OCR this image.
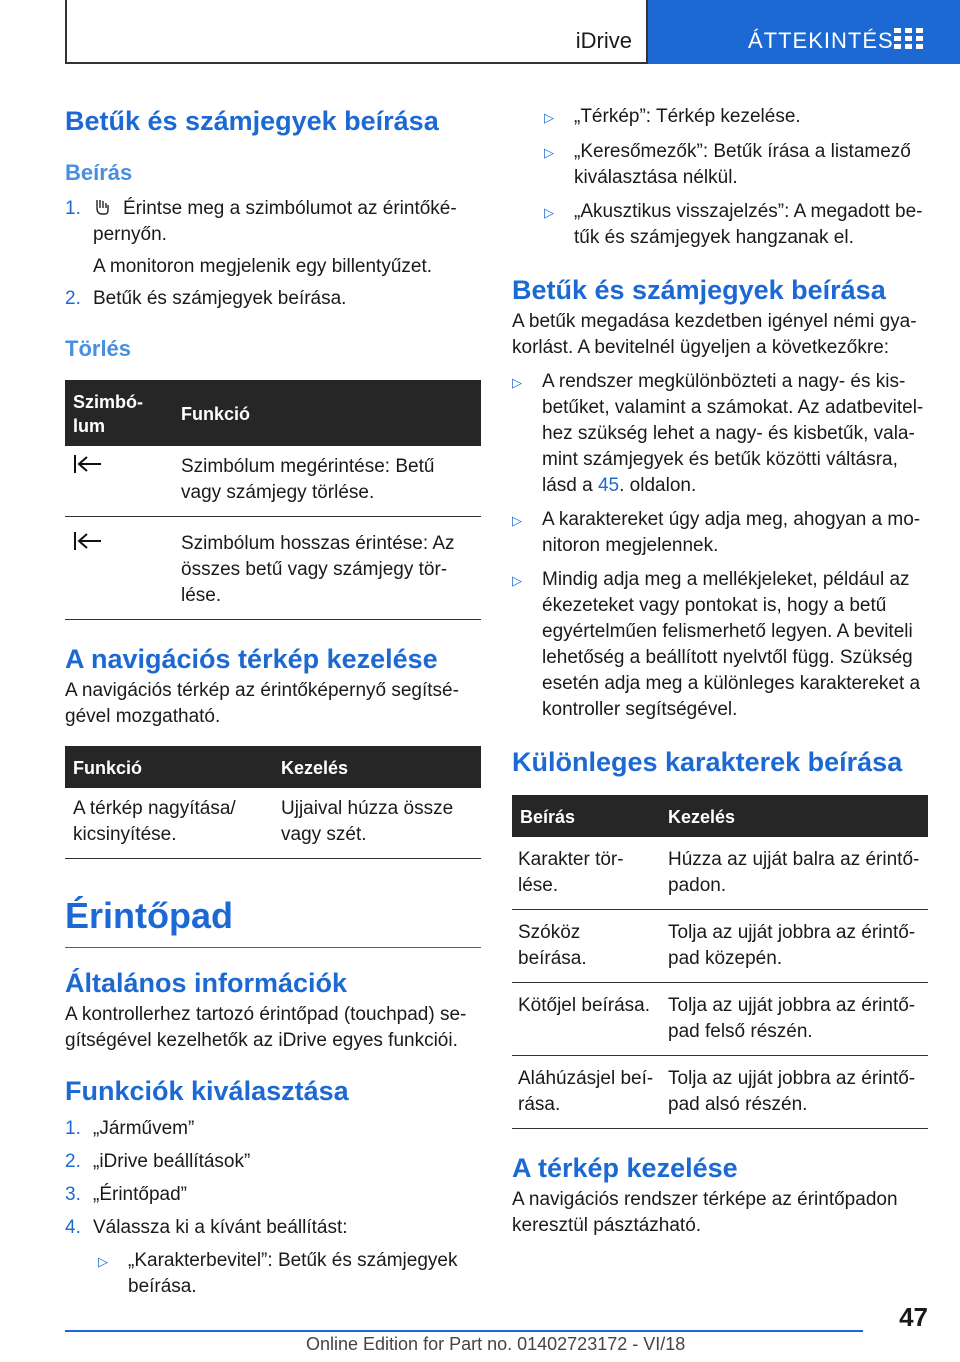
iDrive	ÁTTEKINTÉS
Betűk és számjegyek beírása
Beírás
1.	Érintse meg a szimbólumot az érintőké-pernyőn.
A monitoron megjelenik egy billentyűzet.
2. Betűk és számjegyek beírása.
Törlés
Szimbó-lum	Funkció
	Szimbólum megérintése: Betű vagy számjegy törlése.
	Szimbólum hosszas érintése: Az összes betű vagy számjegy tör-lése.
A navigációs térkép kezelése

A navigációs térkép az érintőképernyő segítsé-gével mozgatható.

Funkció	Kezelés
A térkép nagyítása/ kicsinyítése.	Ujjaival húzza össze vagy szét.
Érintőpad
Általános információk

A kontrollerhez tartozó érintőpad (touchpad) se-gítségével kezelhetők az iDrive egyes funkciói.

Funkciók kiválasztása
1. „Járművem”
2. „iDrive beállítások”
3. „Érintőpad”
4. Válassza ki a kívánt beállítást:
▷	„Karakterbevitel”: Betűk és számjegyek beírása.
▷	„Térkép”: Térkép kezelése.
▷	„Keresőmezők”: Betűk írása a listamező kiválasztása nélkül.
▷	„Akusztikus visszajelzés”: A megadott be-tűk és számjegyek hangzanak el.
Betűk és számjegyek beírása

A betűk megadása kezdetben igényel némi gya-korlást. A bevitelnél ügyeljen a következőkre:

▷	A rendszer megkülönbözteti a nagy- és kis-betűket, valamint a számokat. Az adatbevitel-hez szükség lehet a nagy- és kisbetűk, vala-mint számjegyek és betűk közötti váltásra, lásd a 45. oldalon.
▷	A karaktereket úgy adja meg, ahogyan a mo-nitoron megjelennek.
▷	Mindig adja meg a mellékjeleket, például az ékezeteket vagy pontokat is, hogy a betű egyértelműen felismerhető legyen. A beviteli lehetőség a beállított nyelvtől függ. Szükség esetén adja meg a különleges karaktereket a kontroller segítségével.
Különleges karakterek beírása
Beírás	Kezelés
Karakter tör-lése.	Húzza az ujját balra az érintő-padon.
Szóköz beírása.	Tolja az ujját jobbra az érintő-pad közepén.
Kötőjel beírása.	Tolja az ujját jobbra az érintő-pad felső részén.
Aláhúzásjel beí-rása.	Tolja az ujját jobbra az érintő-pad alsó részén.
A térkép kezelése

A navigációs rendszer térképe az érintőpadon keresztül pásztázható.

47
Online Edition for Part no. 01402723172 - VI/18
